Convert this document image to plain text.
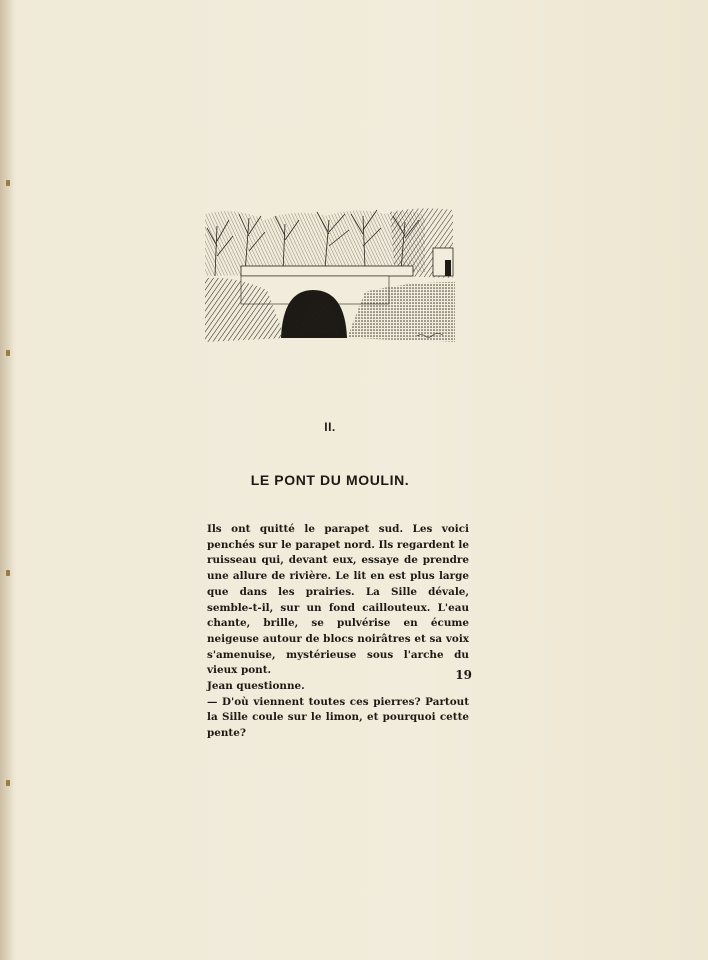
II.
LE PONT DU MOULIN.

Ils ont quitté le parapet sud. Les voici penchés sur le parapet nord. Ils regardent le ruisseau qui, devant eux, essaye de prendre une allure de rivière. Le lit en est plus large que dans les prairies. La Sille dévale, semble-t-il, sur un fond caillouteux. L'eau chante, brille, se pulvérise en écume neigeuse autour de blocs noirâtres et sa voix s'amenuise, mystérieuse sous l'arche du vieux pont.

Jean questionne.

— D'où viennent toutes ces pierres? Partout la Sille coule sur le limon, et pourquoi cette pente?

19
